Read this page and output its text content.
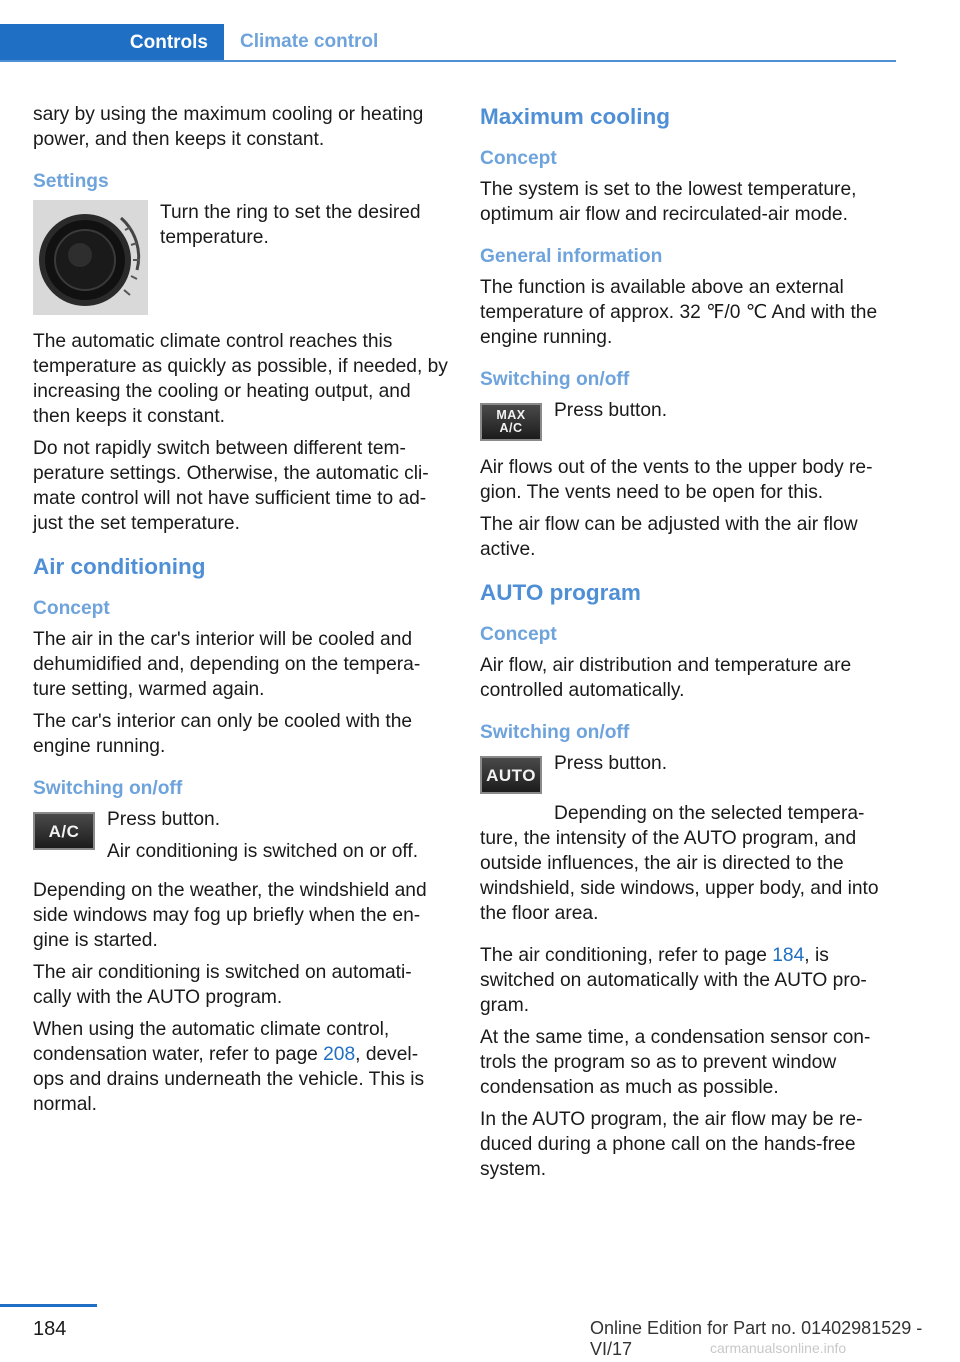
Controls	Climate control

sary by using the maximum cooling or heating power, and then keeps it constant.

Settings
Turn the ring to set the desired temperature.

The automatic climate control reaches this temperature as quickly as possible, if needed, by increasing the cooling or heating output, and then keeps it constant.

Do not rapidly switch between different tem‐ perature settings. Otherwise, the automatic cli‐ mate control will not have sufficient time to ad‐ just the set temperature.

Air conditioning
Concept

The air in the car's interior will be cooled and dehumidified and, depending on the tempera‐ ture setting, warmed again.

The car's interior can only be cooled with the engine running.

Switching on/off
A/C
Press button.
Air conditioning is switched on or off.

Depending on the weather, the windshield and side windows may fog up briefly when the en‐ gine is started.

The air conditioning is switched on automati‐ cally with the AUTO program.

When using the automatic climate control, condensation water, refer to page 208, devel‐ ops and drains underneath the vehicle. This is normal.

Maximum cooling
Concept

The system is set to the lowest temperature, optimum air flow and recirculated-air mode.

General information

The function is available above an external temperature of approx. 32 ℉/0 ℃ And with the engine running.

Switching on/off
MAX
A/C
Press button.

Air flows out of the vents to the upper body re‐ gion. The vents need to be open for this.

The air flow can be adjusted with the air flow active.

AUTO program
Concept

Air flow, air distribution and temperature are controlled automatically.

Switching on/off
AUTO
Press button.

Depending on the selected tempera‐ ture, the intensity of the AUTO program, and outside influences, the air is directed to the windshield, side windows, upper body, and into the floor area.

The air conditioning, refer to page 184, is switched on automatically with the AUTO pro‐ gram.

At the same time, a condensation sensor con‐ trols the program so as to prevent window condensation as much as possible.

In the AUTO program, the air flow may be re‐ duced during a phone call on the hands-free system.

184	Online Edition for Part no. 01402981529 - VI/17	carmanualsonline.info
